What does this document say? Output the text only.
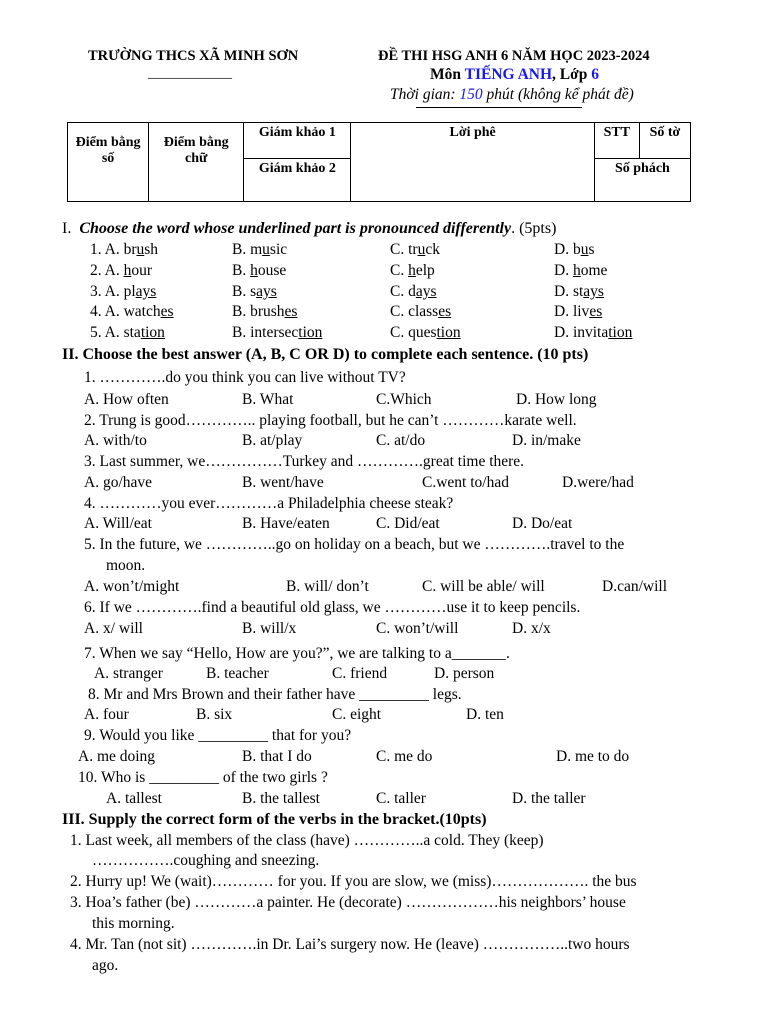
TRƯỜNG THCS XÃ MINH SƠN
____________
ĐỀ THI HSG ANH 6 NĂM HỌC 2023-2024
Môn TIẾNG ANH, Lớp 6
Thời gian: 150 phút (không kể phát đề)
Điểm bằng số	Điểm bằng chữ	Giám khảo 1	Lời phê	STT	Số tờ
		Giám khảo 2		Số phách	
I. Choose the word whose underlined part is pronounced differently. (5pts)
1. A. brush	B. music	C. truck	D. bus
2. A. hour	B. house	C. help	D. home
3. A. plays	B. says	C. days	D. stays
4. A. watches	B. brushes	C. classes	D. lives
5. A. station	B. intersection	C. question	D. invitation
II. Choose the best answer (A, B, C OR D) to complete each sentence. (10 pts)
1. ………….do you think you can live without TV?
A. How often	B. What	C.Which	D. How long
2. Trung is good………….. playing football, but he can’t …………karate well.
A. with/to	B. at/play	C. at/do	D. in/make
3. Last summer, we……………Turkey and ………….great time there.
A. go/have	B. went/have	C.went to/had	D.were/had
4. …………you ever…………a Philadelphia cheese steak?
A. Will/eat	B. Have/eaten	C. Did/eat	D. Do/eat
5. In the future, we …………..go on holiday on a beach, but we ………….travel to the
moon.
A. won’t/might	B. will/ don’t	C. will be able/ will	D.can/will
6. If we ………….find a beautiful old glass, we …………use it to keep pencils.
A. x/ will	B. will/x	C. won’t/will	D. x/x
7. When we say “Hello, How are you?”, we are talking to a_______.
A. stranger	B. teacher	C. friend	D. person
8. Mr and Mrs Brown and their father have _________ legs.
A. four	B. six	C. eight	D. ten
9. Would you like _________ that for you?
A. me doing	B. that I do	C. me do	D. me to do
10. Who is _________ of the two girls ?
A. tallest	B. the tallest	C. taller	D. the taller
III. Supply the correct form of the verbs in the bracket.(10pts)
1. Last week, all members of the class (have) …………..a cold. They (keep)
…………….coughing and sneezing.
2. Hurry up! We (wait)………… for you. If you are slow, we (miss)………………. the bus
3. Hoa’s father (be) …………a painter. He (decorate) ………………his neighbors’ house
this morning.
4. Mr. Tan (not sit) ………….in Dr. Lai’s surgery now. He (leave) ……………..two hours
ago.
